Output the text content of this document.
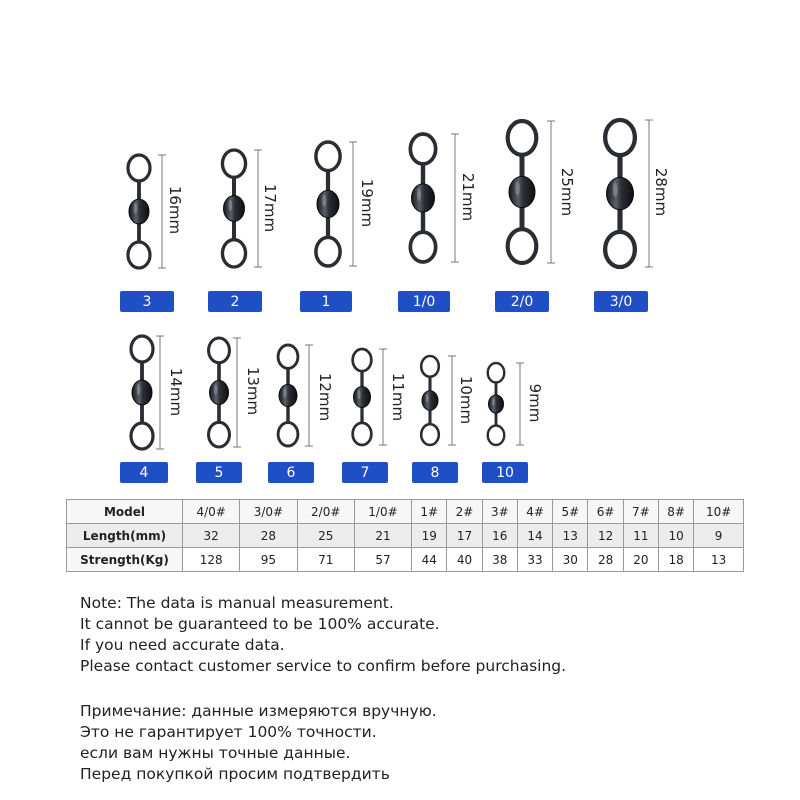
16mm	17mm	19mm	21mm	25mm	28mm
3	2	1	1/0	2/0	3/0
14mm	13mm	12mm	11mm	10mm	9mm
4	5	6	7	8	10
Model	4/0#	3/0#	2/0#	1/0#	1#	2#	3#	4#	5#	6#	7#	8#	10#
Length(mm)	32	28	25	21	19	17	16	14	13	12	11	10	9
Strength(Kg)	128	95	71	57	44	40	38	33	30	28	20	18	13
Note: The data is manual measurement.
It cannot be guaranteed to be 100% accurate.
If you need accurate data.
Please contact customer service to confirm before purchasing.
Примечание: данные измеряются вручную.
Это не гарантирует 100% точности.
если вам нужны точные данные.
Перед покупкой просим подтвердить
